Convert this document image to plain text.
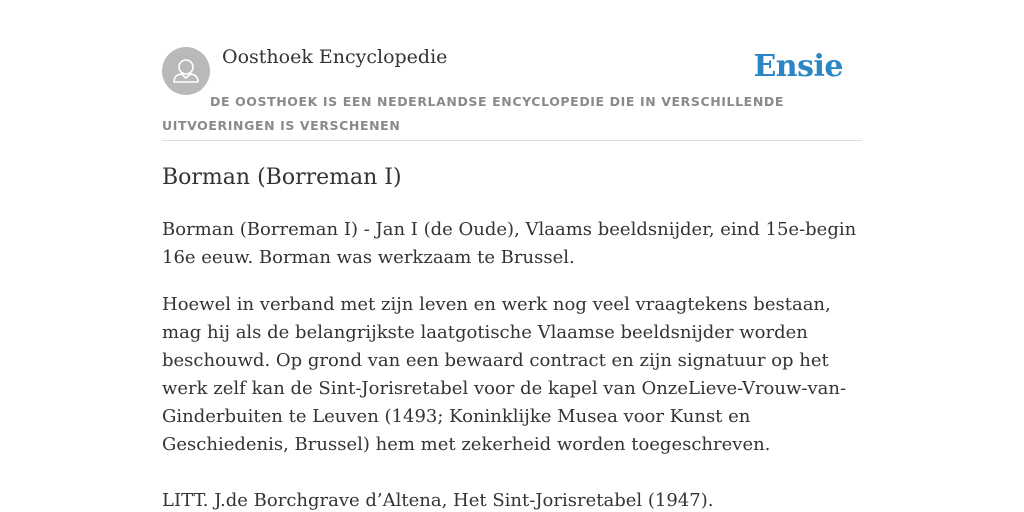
Oosthoek Encyclopedie	Ensie
DE OOSTHOEK IS EEN NEDERLANDSE ENCYCLOPEDIE DIE IN VERSCHILLENDE UITVOERINGEN IS VERSCHENEN
Borman (Borreman I)

Borman (Borreman I) - Jan I (de Oude), Vlaams beeldsnijder, eind 15e-begin 16e eeuw. Borman was werkzaam te Brussel.

Hoewel in verband met zijn leven en werk nog veel vraagtekens bestaan, mag hij als de belangrijkste laatgotische Vlaamse beeldsnijder worden beschouwd. Op grond van een bewaard contract en zijn signatuur op het werk zelf kan de Sint-Jorisretabel voor de kapel van OnzeLieve-Vrouw-van-Ginderbuiten te Leuven (1493; Koninklijke Musea voor Kunst en Geschiedenis, Brussel) hem met zekerheid worden toegeschreven.

LITT. J.de Borchgrave d’Altena, Het Sint-Jorisretabel (1947).
